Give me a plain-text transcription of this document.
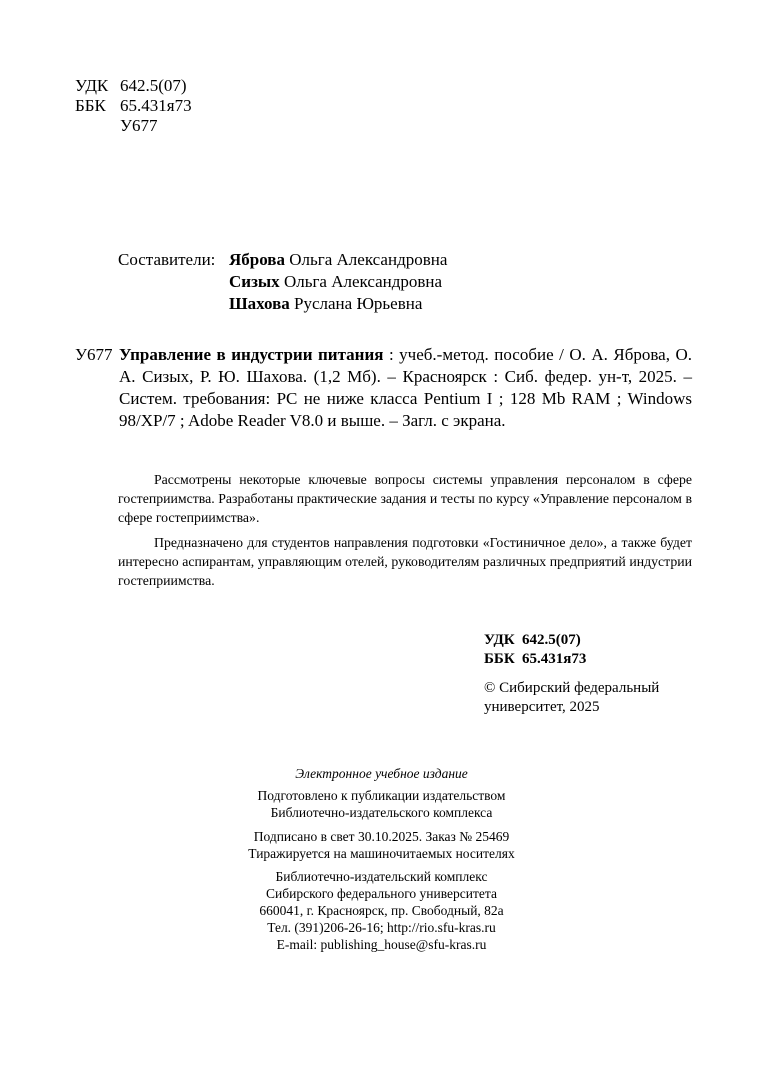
УДК 642.5(07)
ББК 65.431я73
У677
Составители: Яброва Ольга Александровна
Сизых Ольга Александровна
Шахова Руслана Юрьевна
У677 Управление в индустрии питания : учеб.-метод. пособие / О. А. Яброва, О. А. Сизых, Р. Ю. Шахова. (1,2 Мб). – Красноярск : Сиб. федер. ун-т, 2025. – Систем. требования: PC не ниже класса Pentium I ; 128 Mb RAM ; Windows 98/XP/7 ; Adobe Reader V8.0 и выше. – Загл. с экрана.

Рассмотрены некоторые ключевые вопросы системы управления персоналом в сфере гостеприимства. Разработаны практические задания и тесты по курсу «Управление персоналом в сфере гостеприимства».

Предназначено для студентов направления подготовки «Гостиничное дело», а также будет интересно аспирантам, управляющим отелей, руководителям различных предприятий индустрии гостеприимства.

УДК 642.5(07)
ББК 65.431я73
© Сибирский федеральный
университет, 2025
Электронное учебное издание
Подготовлено к публикации издательством
Библиотечно-издательского комплекса
Подписано в свет 30.10.2025. Заказ № 25469
Тиражируется на машиночитаемых носителях
Библиотечно-издательский комплекс
Сибирского федерального университета
660041, г. Красноярск, пр. Свободный, 82а
Тел. (391)206-26-16; http://rio.sfu-kras.ru
E-mail: publishing_house@sfu-kras.ru
